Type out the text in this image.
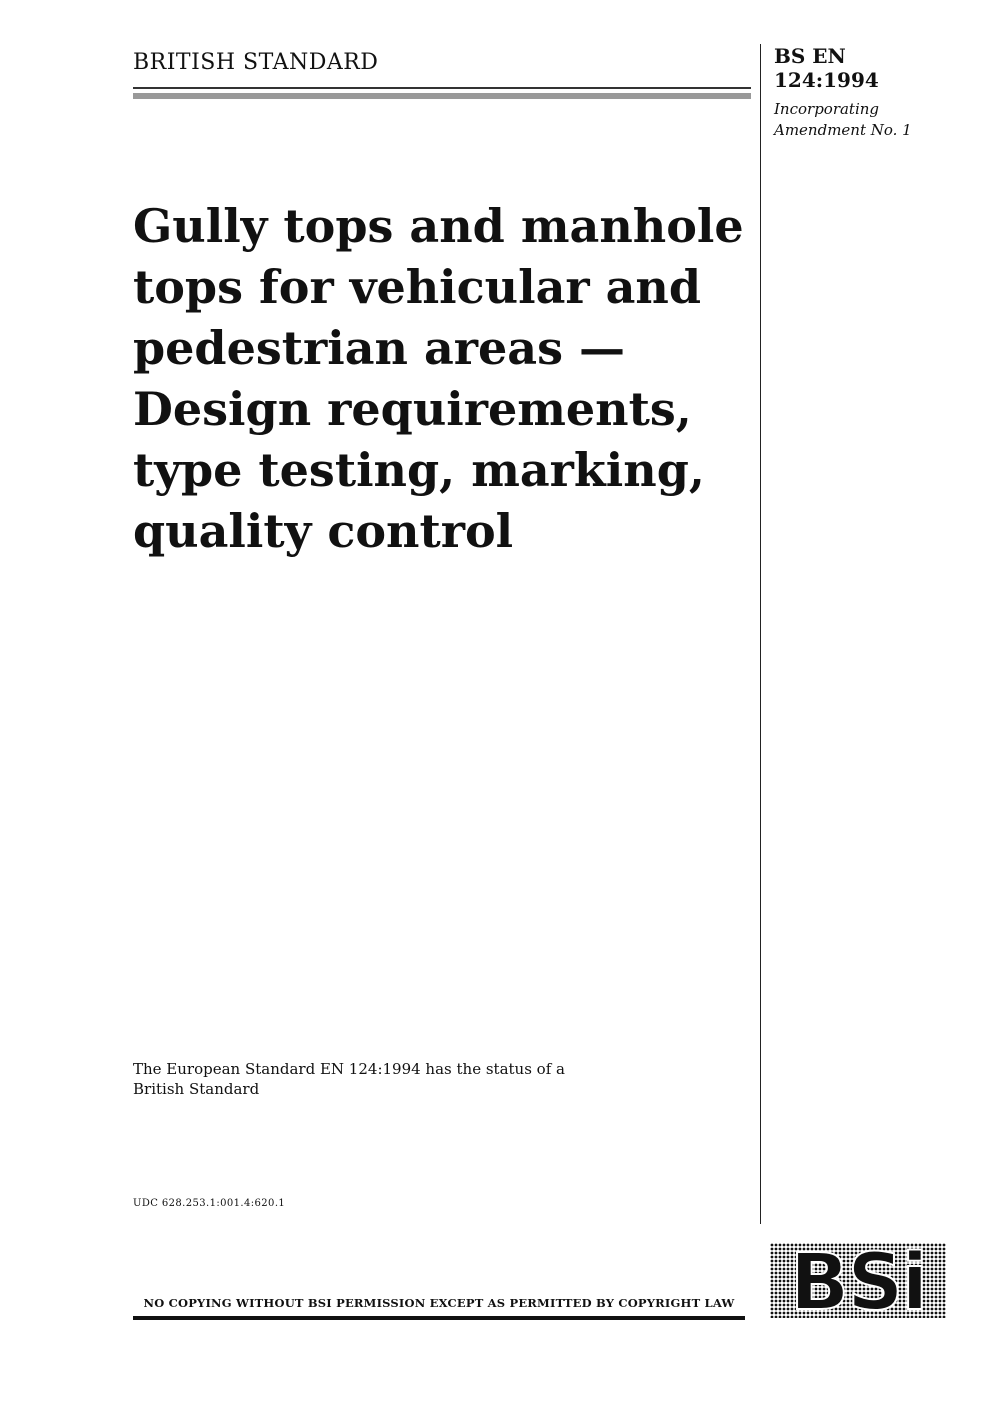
BRITISH STANDARD	BS EN
124:1994
Incorporating
Amendment No. 1
Gully tops and manhole
tops for vehicular and
pedestrian areas —
Design requirements,
type testing, marking,
quality control
The European Standard EN 124:1994 has the status of a
British Standard
UDC 628.253.1:001.4:620.1
NO COPYING WITHOUT BSI PERMISSION EXCEPT AS PERMITTED BY COPYRIGHT LAW BSi
